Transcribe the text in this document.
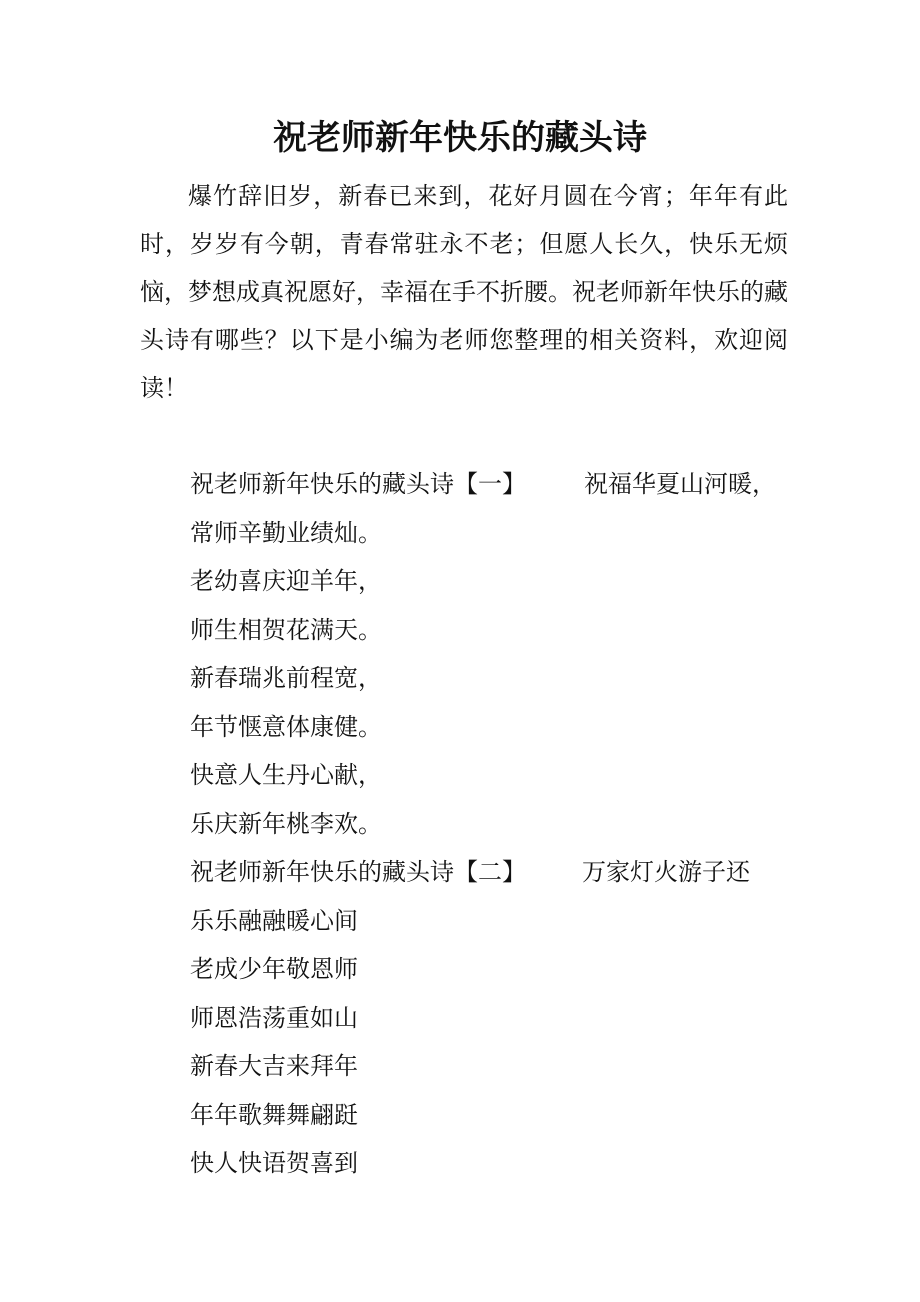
祝老师新年快乐的藏头诗

爆竹辞旧岁，新春已来到，花好月圆在今宵；年年有此时，岁岁有今朝，青春常驻永不老；但愿人长久，快乐无烦恼，梦想成真祝愿好，幸福在手不折腰。祝老师新年快乐的藏头诗有哪些？以下是小编为老师您整理的相关资料，欢迎阅读！

祝老师新年快乐的藏头诗【一】 祝福华夏山河暖，
常师辛勤业绩灿。
老幼喜庆迎羊年，
师生相贺花满天。
新春瑞兆前程宽，
年节惬意体康健。
快意人生丹心献，
乐庆新年桃李欢。
祝老师新年快乐的藏头诗【二】 万家灯火游子还
乐乐融融暖心间
老成少年敬恩师
师恩浩荡重如山
新春大吉来拜年
年年歌舞舞翩跹
快人快语贺喜到
